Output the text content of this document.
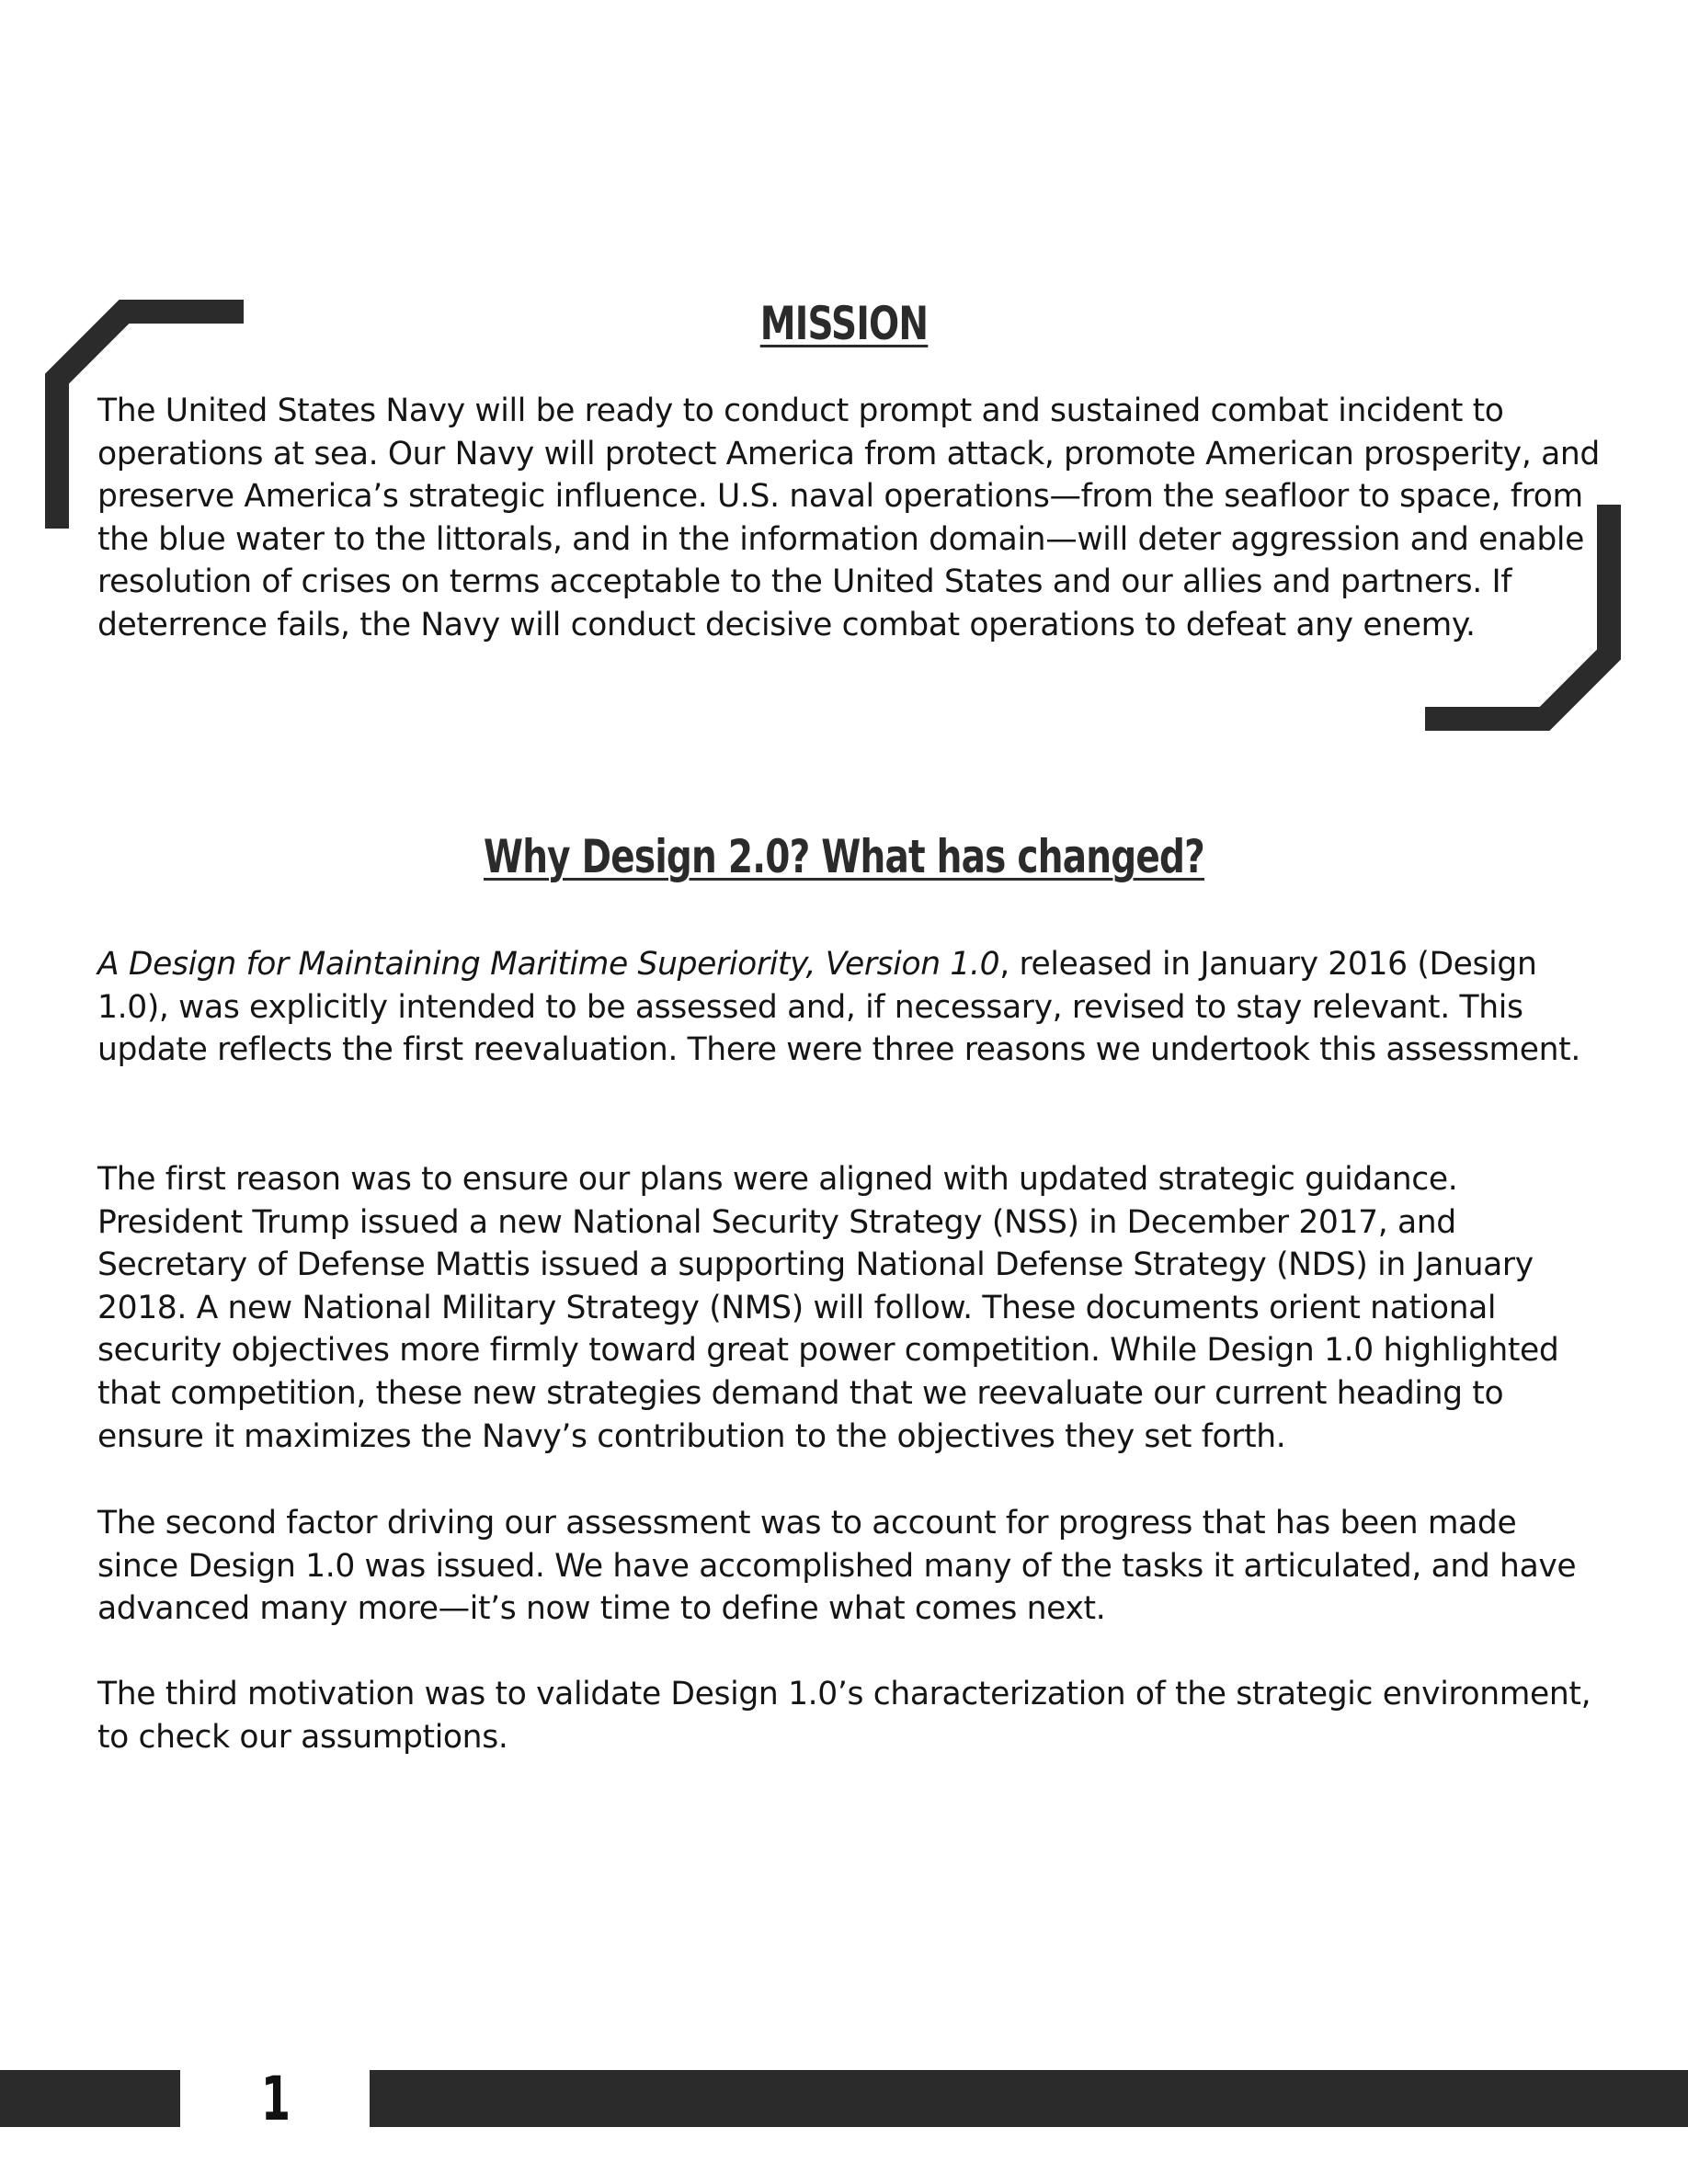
MISSION

The United States Navy will be ready to conduct prompt and sustained combat incident to operations at sea. Our Navy will protect America from attack, promote American prosperity, and preserve America’s strategic influence. U.S. naval operations—from the seafloor to space, from the blue water to the littorals, and in the information domain—will deter aggression and enable resolution of crises on terms acceptable to the United States and our allies and partners. If deterrence fails, the Navy will conduct decisive combat operations to defeat any enemy.

Why Design 2.0? What has changed?

A Design for Maintaining Maritime Superiority, Version 1.0, released in January 2016 (Design 1.0), was explicitly intended to be assessed and, if necessary, revised to stay relevant. This update reflects the first reevaluation. There were three reasons we undertook this assessment.

The first reason was to ensure our plans were aligned with updated strategic guidance. President Trump issued a new National Security Strategy (NSS) in December 2017, and Secretary of Defense Mattis issued a supporting National Defense Strategy (NDS) in January 2018. A new National Military Strategy (NMS) will follow. These documents orient national security objectives more firmly toward great power competition. While Design 1.0 highlighted that competition, these new strategies demand that we reevaluate our current heading to ensure it maximizes the Navy’s contribution to the objectives they set forth.

The second factor driving our assessment was to account for progress that has been made since Design 1.0 was issued. We have accomplished many of the tasks it articulated, and have advanced many more—it’s now time to define what comes next.

The third motivation was to validate Design 1.0’s characterization of the strategic environment, to check our assumptions.

1
